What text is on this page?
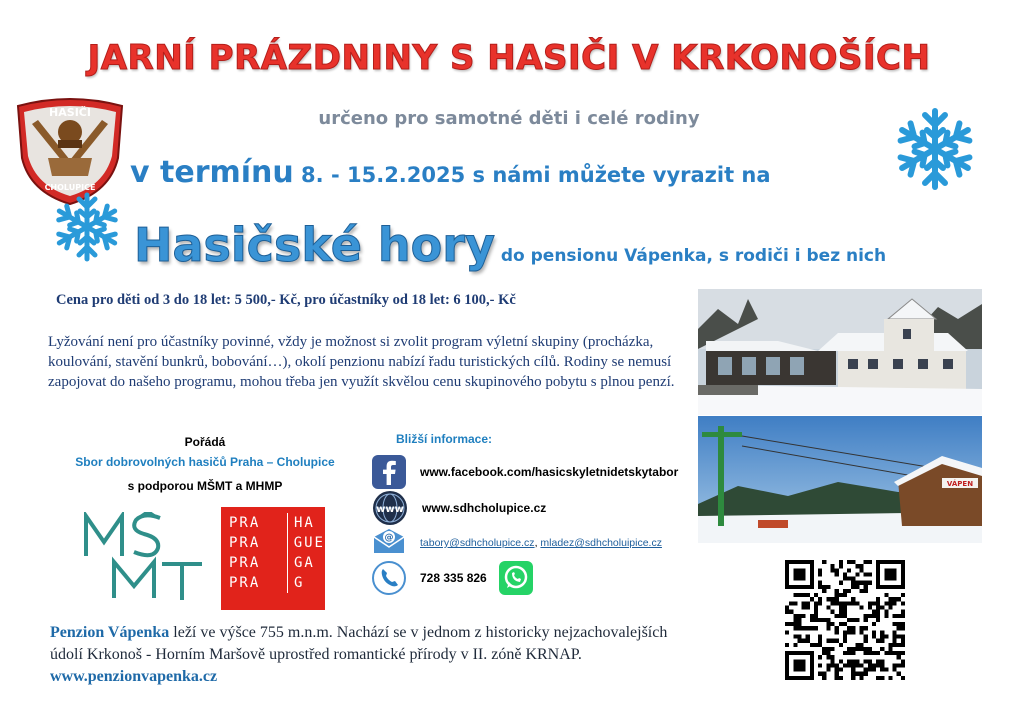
JARNÍ PRÁZDNINY S HASIČI V KRKONOŠÍCH
určeno pro samotné děti i celé rodiny
HASIČI
CHOLUPICE v termínu 8. - 15.2.2025 s námi můžete vyrazit na
Hasičské hory do pensionu Vápenka, s rodiči i bez nich
Cena pro děti od 3 do 18 let: 5 500,- Kč, pro účastníky od 18 let: 6 100,- Kč
Lyžování není pro účastníky povinné, vždy je možnost si zvolit program výletní skupiny (procházka, koulování, stavění bunkrů, bobování…), okolí penzionu nabízí řadu turistických cílů. Rodiny se nemusí zapojovat do našeho programu, mohou třeba jen využít skvělou cenu skupinového pobytu s plnou penzí.
VÁPEN
Pořádá
Sbor dobrovolných hasičů Praha – Cholupice
s podporou MŠMT a MHMP
PRA	HA
PRA	GUE
PRA	GA
PRA	G
Bližší informace:
www.facebook.com/hasicskyletnidetskytabor
www www.sdhcholupice.cz
@	tabory@sdhcholupice.cz, mladez@sdhcholuipice.cz
728 335 826
Penzion Vápenka leží ve výšce 755 m.n.m. Nachází se v jednom z historicky nejzachovalejších údolí Krkonoš - Horním Maršově uprostřed romantické přírody v II. zóně KRNAP. www.penzionvapenka.cz
